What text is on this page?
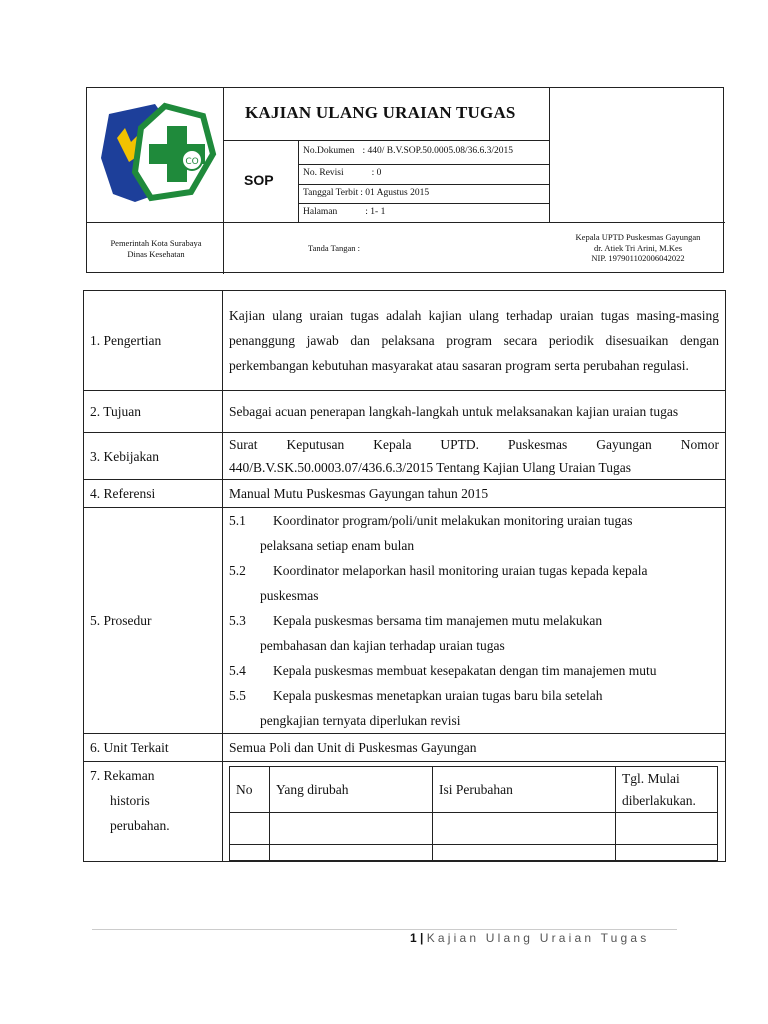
CO
KAJIAN ULANG URAIAN TUGAS
SOP
No.Dokumen : 440/ B.V.SOP.50.0005.08/36.6.3/2015
No. Revisi	: 0
Tanggal Terbit : 01 Agustus 2015
Halaman	: 1- 1
Pemerintah Kota Surabaya
Dinas Kesehatan
Tanda Tangan :
Kepala UPTD Puskesmas Gayungan
dr. Atiek Tri Arini, M.Kes
NIP. 197901102006042022
1. Pengertian	Kajian ulang uraian tugas adalah kajian ulang terhadap uraian tugas masing-masing penanggung jawab dan pelaksana program secara periodik disesuaikan dengan perkembangan kebutuhan masyarakat atau sasaran program serta perubahan regulasi.
2. Tujuan	Sebagai acuan penerapan langkah-langkah untuk melaksanakan kajian uraian tugas
3. Kebijakan	Surat Keputusan Kepala UPTD. Puskesmas Gayungan Nomor 440/B.V.SK.50.0003.07/436.6.3/2015 Tentang Kajian Ulang Uraian Tugas
4. Referensi	Manual Mutu Puskesmas Gayungan tahun 2015
5. Prosedur	
5.1	Koordinator program/poli/unit melakukan monitoring uraian tugas
pelaksana setiap enam bulan
5.2	Koordinator melaporkan hasil monitoring uraian tugas kepada kepala
puskesmas
5.3	Kepala puskesmas bersama tim manajemen mutu melakukan
pembahasan dan kajian terhadap uraian tugas
5.4	Kepala puskesmas membuat kesepakatan dengan tim manajemen mutu
5.5	Kepala puskesmas menetapkan uraian tugas baru bila setelah
pengkajian ternyata diperlukan revisi

6. Unit Terkait	Semua Poli dan Unit di Puskesmas Gayungan

7. Rekaman
historis
perubahan.

No	Yang dirubah	Isi Perubahan	Tgl. Mulai diberlakukan.

1 | Kajian Ulang Uraian Tugas
